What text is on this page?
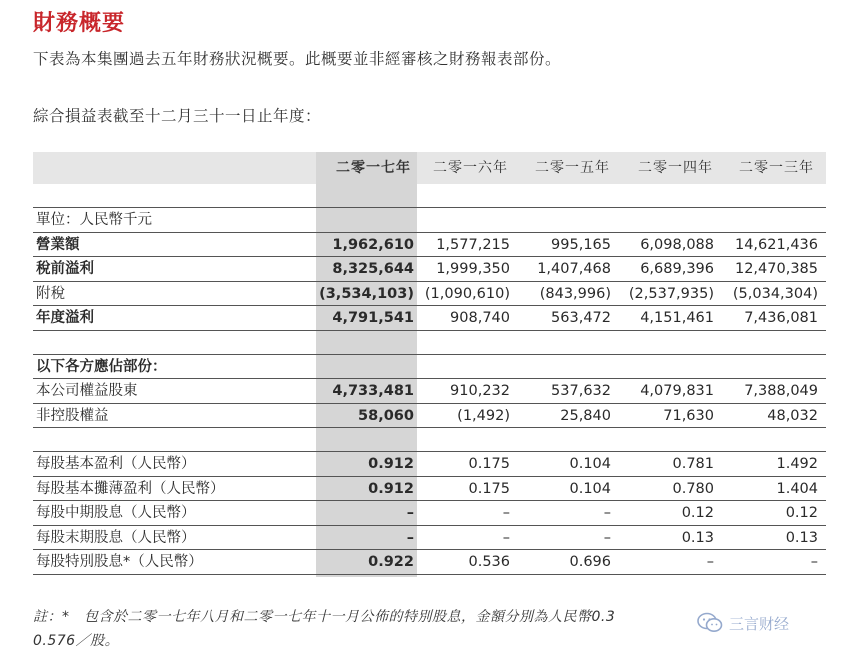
財務概要
下表為本集團過去五年財務狀況概要。此概要並非經審核之財務報表部份。
綜合損益表截至十二月三十一日止年度：
二零一七年 二零一六年 二零一五年 二零一四年 二零一三年
單位：人民幣千元
營業額	1,962,610 1,577,215	995,165 6,098,088 14,621,436
稅前溢利	8,325,644 1,999,350 1,407,468 6,689,396 12,470,385
附稅	(3,534,103) (1,090,610) (843,996) (2,537,935) (5,034,304)
年度溢利	4,791,541 908,740	563,472 4,151,461 7,436,081
以下各方應佔部份：
本公司權益股東	4,733,481 910,232	537,632 4,079,831 7,388,049
非控股權益	58,060	(1,492)	25,840	71,630	48,032
每股基本盈利（人民幣）	0.912	0.175	0.104	0.781	1.492
每股基本攤薄盈利（人民幣）	0.912	0.175	0.104	0.780	1.404
每股中期股息（人民幣）	–	–	–	0.12	0.12
每股末期股息（人民幣）	–	–	–	0.13	0.13
每股特別股息*（人民幣）	0.922	0.536	0.696	–	–
註：*　包含於二零一七年八月和二零一七年十一月公佈的特別股息，金額分別為人民幣0.3
0.576／股。
三言财经
